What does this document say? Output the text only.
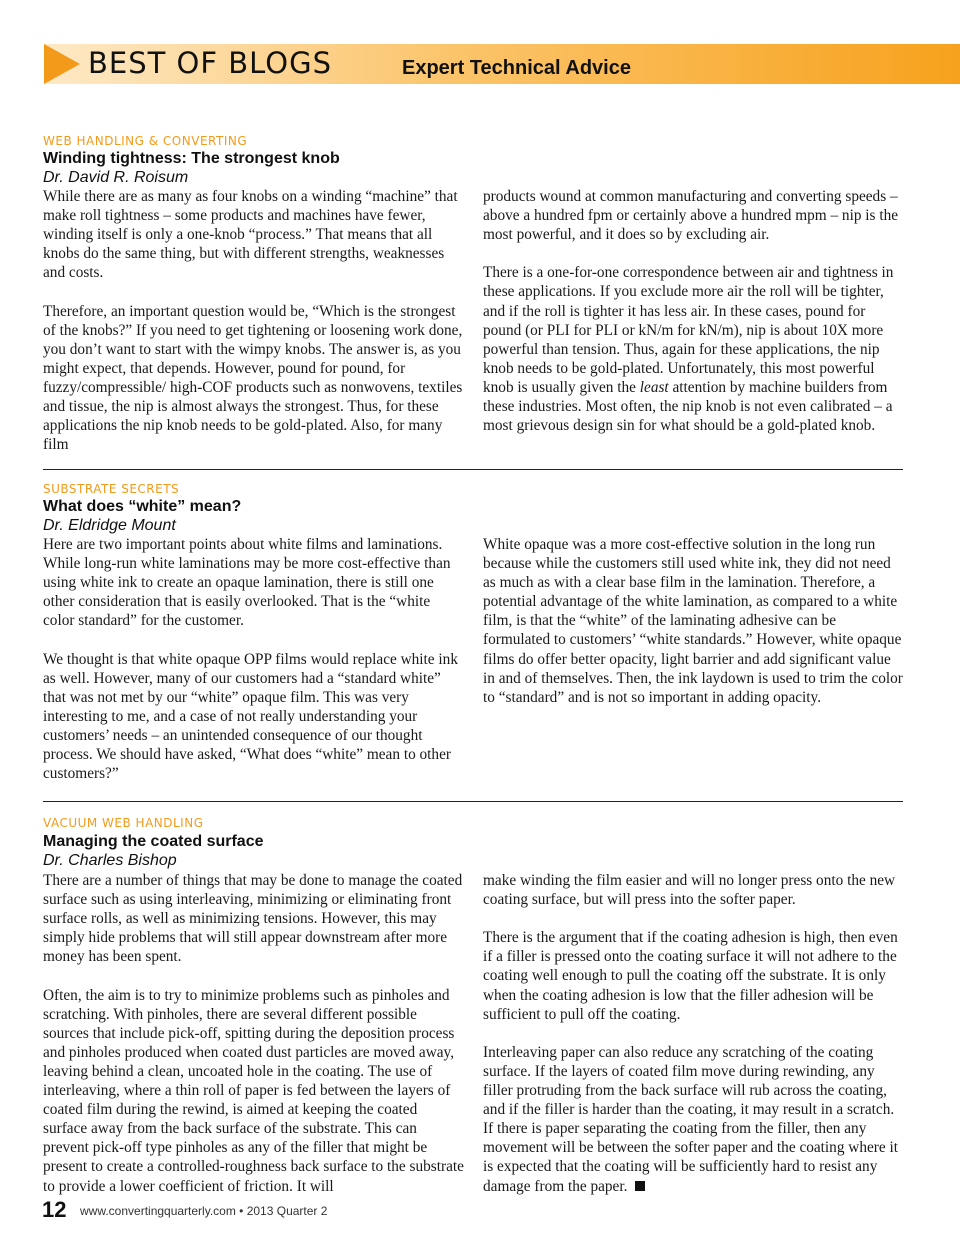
BEST OF BLOGS	Expert Technical Advice
WEB HANDLING & CONVERTING
Winding tightness: The strongest knob
Dr. David R. Roisum

While there are as many as four knobs on a winding “machine” that make roll tightness – some products and machines have fewer, winding itself is only a one-knob “process.” That means that all knobs do the same thing, but with different strengths, weaknesses and costs.

Therefore, an important question would be, “Which is the strongest of the knobs?” If you need to get tightening or loosening work done, you don’t want to start with the wimpy knobs. The answer is, as you might expect, that depends. However, pound for pound, for fuzzy/compressible/ high-COF products such as nonwovens, textiles and tissue, the nip is almost always the strongest. Thus, for these applications the nip knob needs to be gold-plated. Also, for many film

products wound at common manufacturing and converting speeds – above a hundred fpm or certainly above a hundred mpm – nip is the most powerful, and it does so by excluding air.

There is a one-for-one correspondence between air and tightness in these applications. If you exclude more air the roll will be tighter, and if the roll is tighter it has less air. In these cases, pound for pound (or PLI for PLI or kN/m for kN/m), nip is about 10X more powerful than tension. Thus, again for these applications, the nip knob needs to be gold-plated. Unfortunately, this most powerful knob is usually given the least attention by machine builders from these industries. Most often, the nip knob is not even calibrated – a most grievous design sin for what should be a gold-plated knob.

SUBSTRATE SECRETS
What does “white” mean?
Dr. Eldridge Mount

Here are two important points about white films and laminations. While long-run white laminations may be more cost-effective than using white ink to create an opaque lamination, there is still one other consideration that is easily overlooked. That is the “white color standard” for the customer.

We thought is that white opaque OPP films would replace white ink as well. However, many of our customers had a “standard white” that was not met by our “white” opaque film. This was very interesting to me, and a case of not really understanding your customers’ needs – an unintended consequence of our thought process. We should have asked, “What does “white” mean to other customers?”

White opaque was a more cost-effective solution in the long run because while the customers still used white ink, they did not need as much as with a clear base film in the lamination. Therefore, a potential advantage of the white lamination, as compared to a white film, is that the “white” of the laminating adhesive can be formulated to customers’ “white standards.” However, white opaque films do offer better opacity, light barrier and add significant value in and of themselves. Then, the ink laydown is used to trim the color to “standard” and is not so important in adding opacity.

VACUUM WEB HANDLING
Managing the coated surface
Dr. Charles Bishop

There are a number of things that may be done to manage the coated surface such as using interleaving, minimizing or eliminating front surface rolls, as well as minimizing tensions. However, this may simply hide problems that will still appear downstream after more money has been spent.

Often, the aim is to try to minimize problems such as pinholes and scratching. With pinholes, there are several different possible sources that include pick-off, spitting during the deposition process and pinholes produced when coated dust particles are moved away, leaving behind a clean, uncoated hole in the coating. The use of interleaving, where a thin roll of paper is fed between the layers of coated film during the rewind, is aimed at keeping the coated surface away from the back surface of the substrate. This can prevent pick-off type pinholes as any of the filler that might be present to create a controlled-roughness back surface to the substrate to provide a lower coefficient of friction. It will

make winding the film easier and will no longer press onto the new coating surface, but will press into the softer paper.

There is the argument that if the coating adhesion is high, then even if a filler is pressed onto the coating surface it will not adhere to the coating well enough to pull the coating off the substrate. It is only when the coating adhesion is low that the filler adhesion will be sufficient to pull off the coating.

Interleaving paper can also reduce any scratching of the coating surface. If the layers of coated film move during rewinding, any filler protruding from the back surface will rub across the coating, and if the filler is harder than the coating, it may result in a scratch. If there is paper separating the coating from the filler, then any movement will be between the softer paper and the coating where it is expected that the coating will be sufficiently hard to resist any damage from the paper.

12 www.convertingquarterly.com • 2013 Quarter 2
